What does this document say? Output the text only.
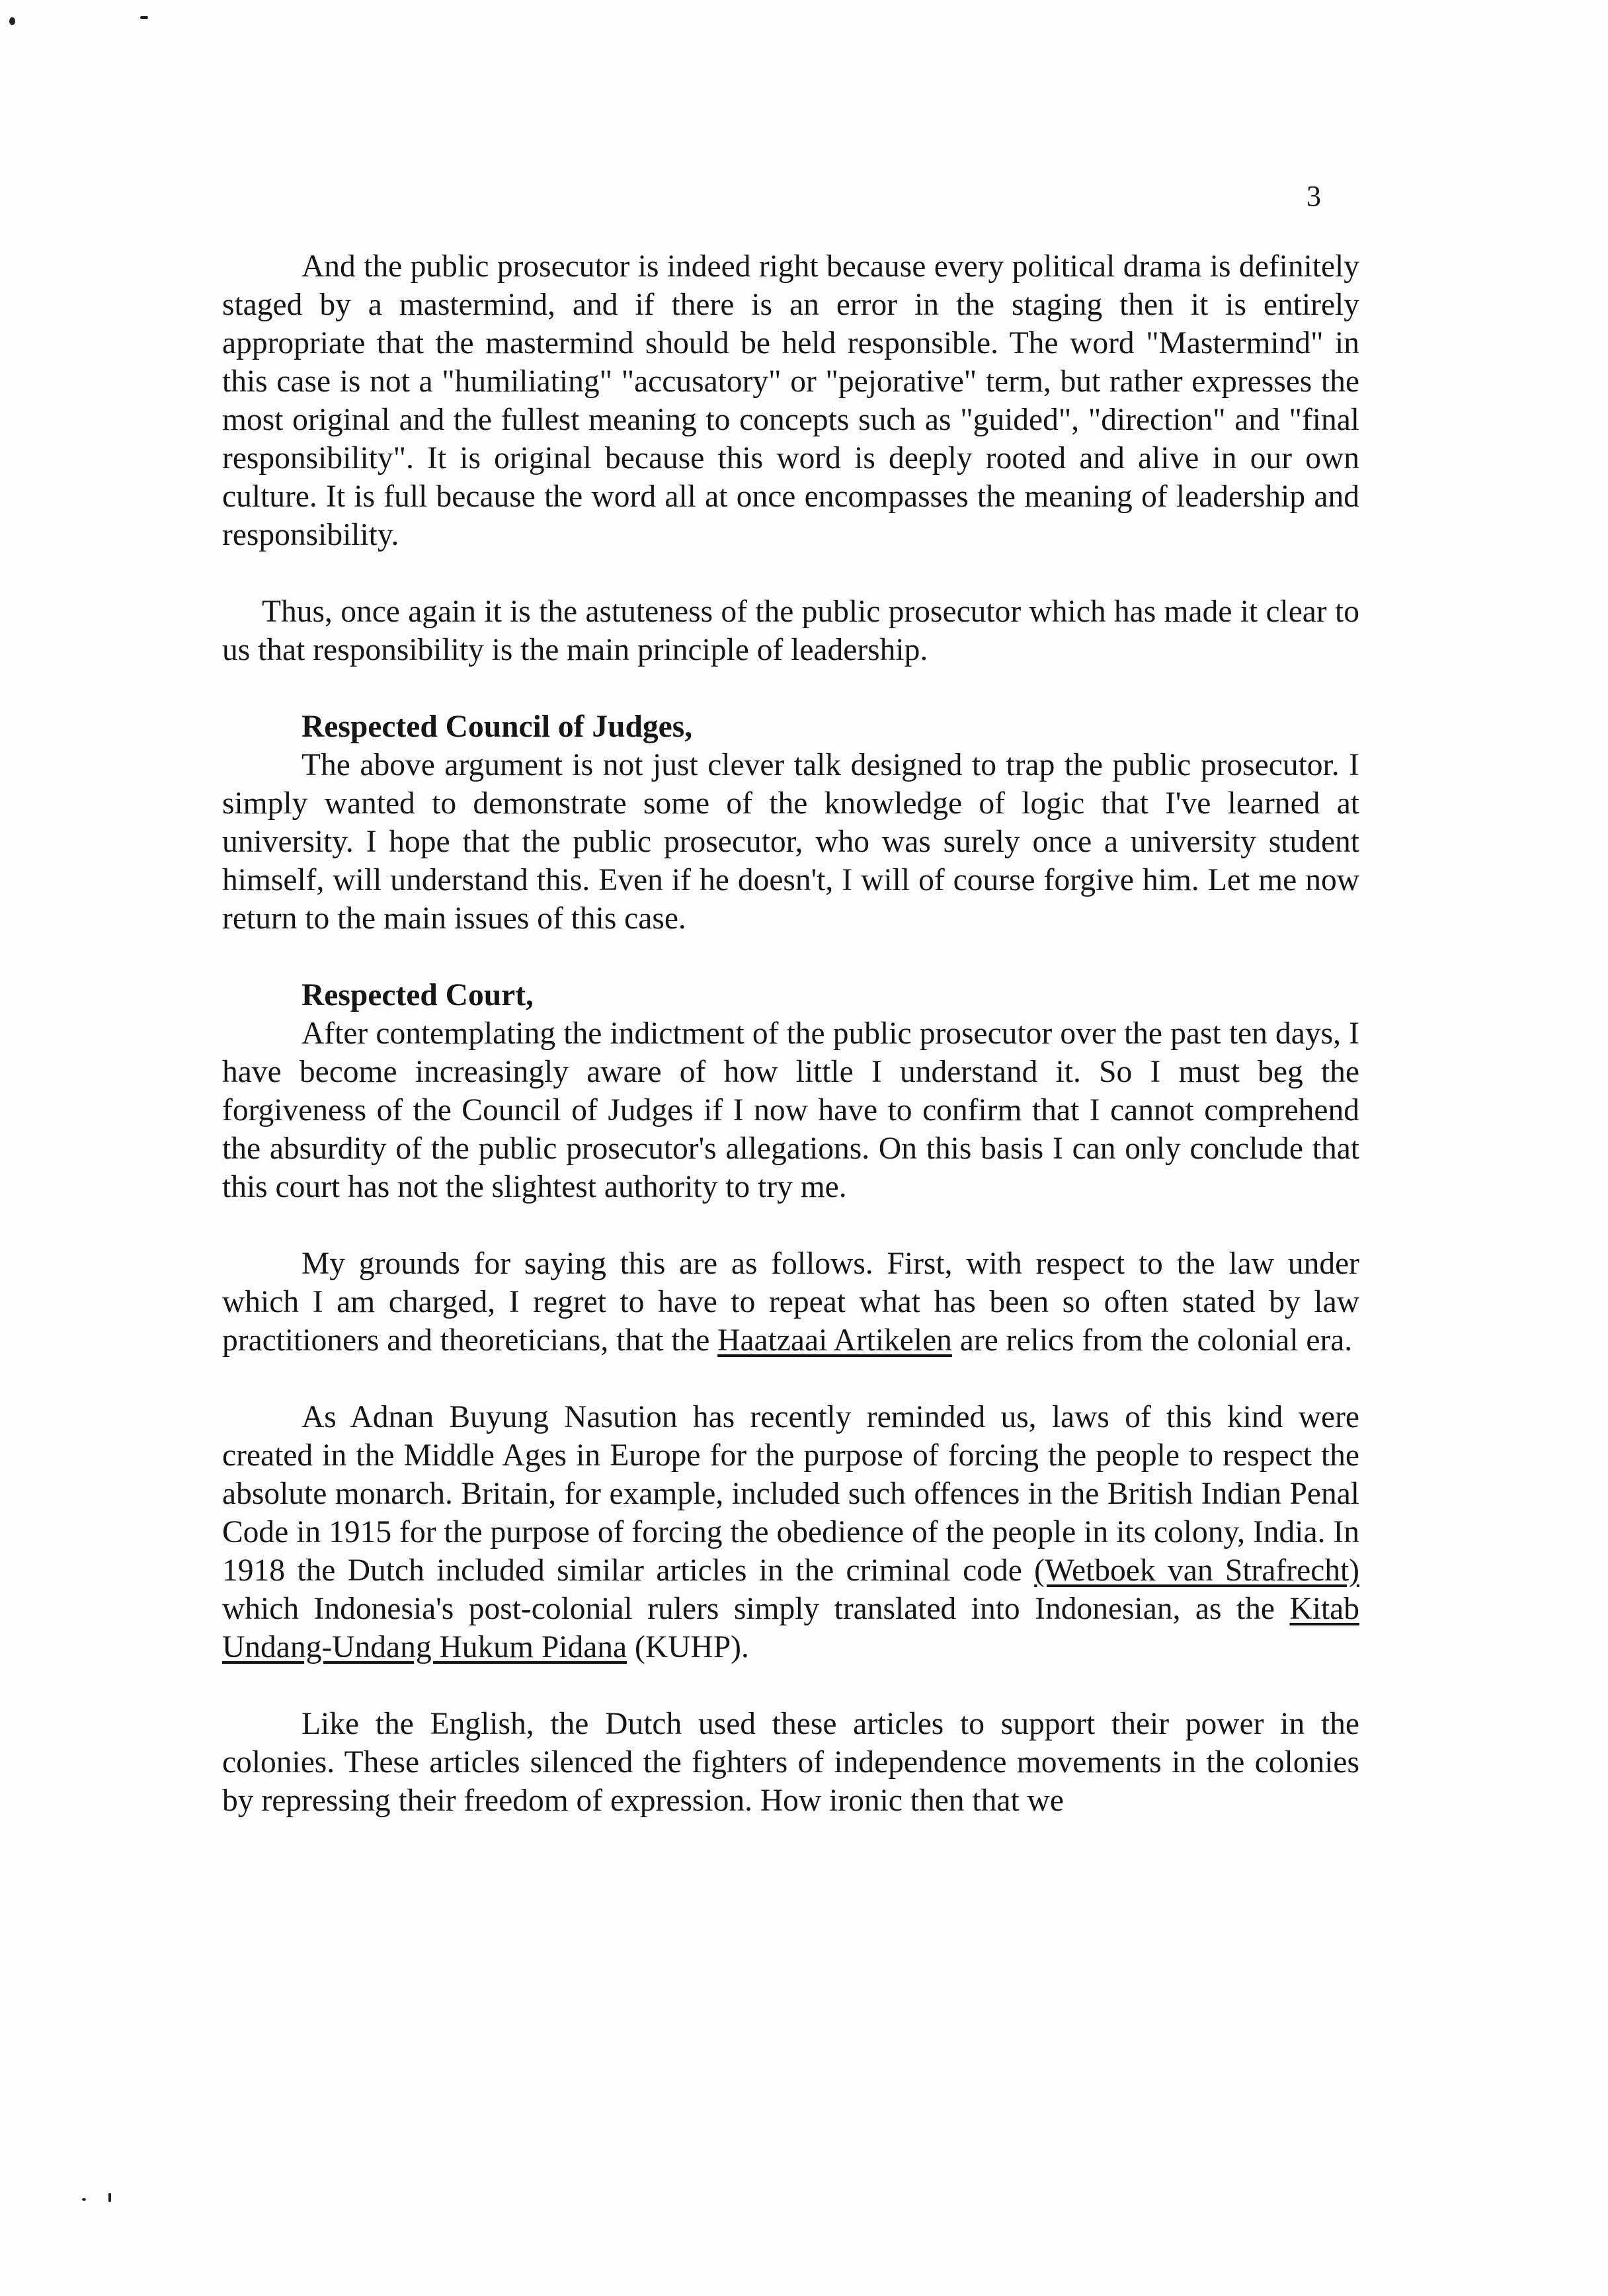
3

And the public prosecutor is indeed right because every political drama is definitely staged by a mastermind, and if there is an error in the staging then it is entirely appropriate that the mastermind should be held responsible. The word "Mastermind" in this case is not a "humiliating" "accusatory" or "pejorative" term, but rather expresses the most original and the fullest meaning to concepts such as "guided", "direction" and "final responsibility". It is original because this word is deeply rooted and alive in our own culture. It is full because the word all at once encompasses the meaning of leadership and responsibility.

Thus, once again it is the astuteness of the public prosecutor which has made it clear to us that responsibility is the main principle of leadership.

Respected Council of Judges,

The above argument is not just clever talk designed to trap the public prosecutor. I simply wanted to demonstrate some of the knowledge of logic that I've learned at university. I hope that the public prosecutor, who was surely once a university student himself, will understand this. Even if he doesn't, I will of course forgive him. Let me now return to the main issues of this case.

Respected Court,

After contemplating the indictment of the public prosecutor over the past ten days, I have become increasingly aware of how little I understand it. So I must beg the forgiveness of the Council of Judges if I now have to confirm that I cannot comprehend the absurdity of the public prosecutor's allegations. On this basis I can only conclude that this court has not the slightest authority to try me.

My grounds for saying this are as follows. First, with respect to the law under which I am charged, I regret to have to repeat what has been so often stated by law practitioners and theoreticians, that the Haatzaai Artikelen are relics from the colonial era.

As Adnan Buyung Nasution has recently reminded us, laws of this kind were created in the Middle Ages in Europe for the purpose of forcing the people to respect the absolute monarch. Britain, for example, included such offences in the British Indian Penal Code in 1915 for the purpose of forcing the obedience of the people in its colony, India. In 1918 the Dutch included similar articles in the criminal code (Wetboek van Strafrecht) which Indonesia's post-colonial rulers simply translated into Indonesian, as the Kitab Undang-Undang Hukum Pidana (KUHP).

Like the English, the Dutch used these articles to support their power in the colonies. These articles silenced the fighters of independence movements in the colonies by repressing their freedom of expression. How ironic then that we
